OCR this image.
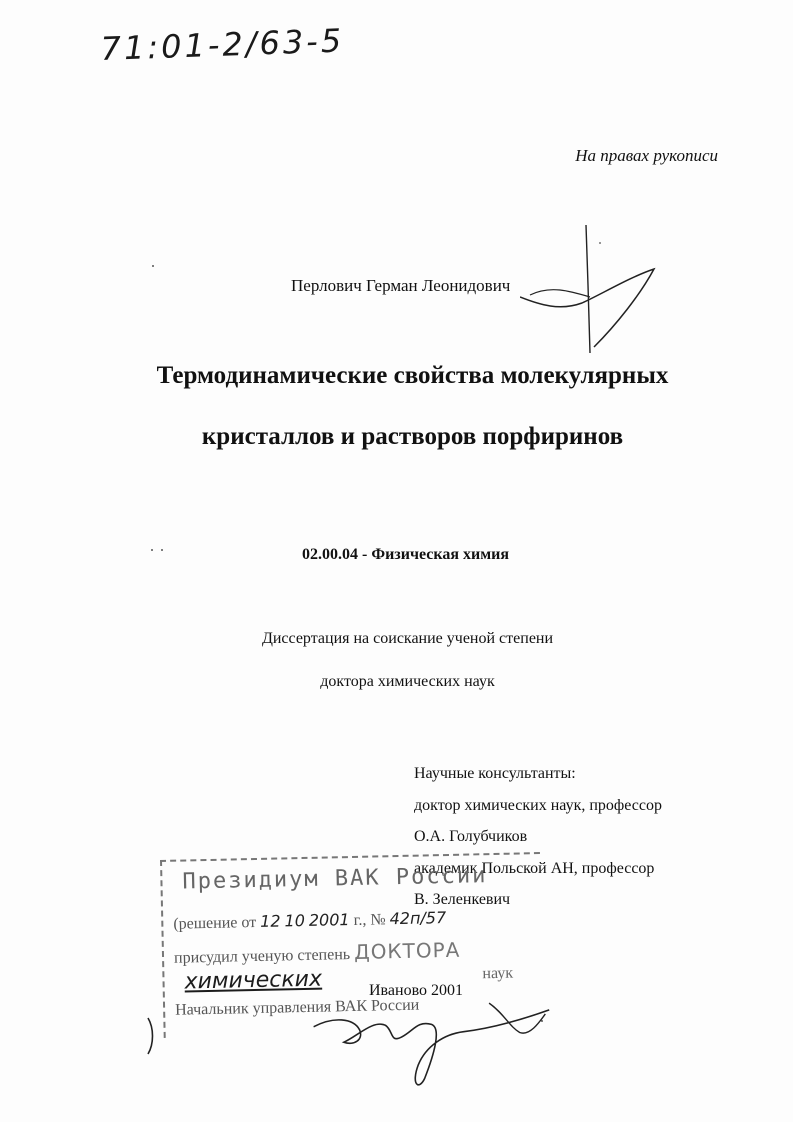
71:01-2/63-5
На правах рукописи
Перлович Герман Леонидович
Термодинамические свойства молекулярных
кристаллов и растворов порфиринов
02.00.04 - Физическая химия
Диссертация на соискание ученой степени
доктора химических наук
Научные консультанты:
доктор химических наук, профессор
О.А. Голубчиков
академик Польской АН, профессор
В. Зеленкевич
Иваново 2001
Президиум ВАК России
(решение от 12 10 2001 г., № 42п/57
присудил ученую степень ДОКТОРА
химических	наук
Начальник управления ВАК России
